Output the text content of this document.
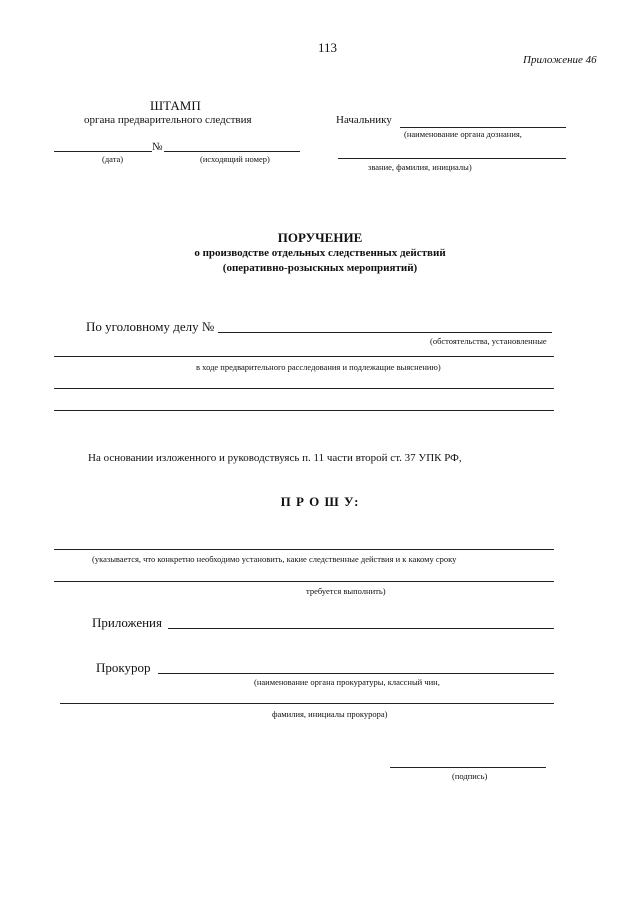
113
Приложение 46
ШТАМП
органа предварительного следствия
№
(дата)	(исходящий номер)
Начальнику
(наименование органа дознания,
звание, фамилия, инициалы)
ПОРУЧЕНИЕ
о производстве отдельных следственных действий
(оперативно-розыскных мероприятий)
По уголовному делу №
(обстоятельства, установленные
в ходе предварительного расследования и подлежащие выяснению)
На основании изложенного и руководствуясь п. 11 части второй ст. 37 УПК РФ,
П Р О Ш У:
(указывается, что конкретно необходимо установить, какие следственные действия и к какому сроку
требуется выполнить)
Приложения
Прокурор
(наименование органа прокуратуры, классный чин,
фамилия, инициалы прокурора)
(подпись)
